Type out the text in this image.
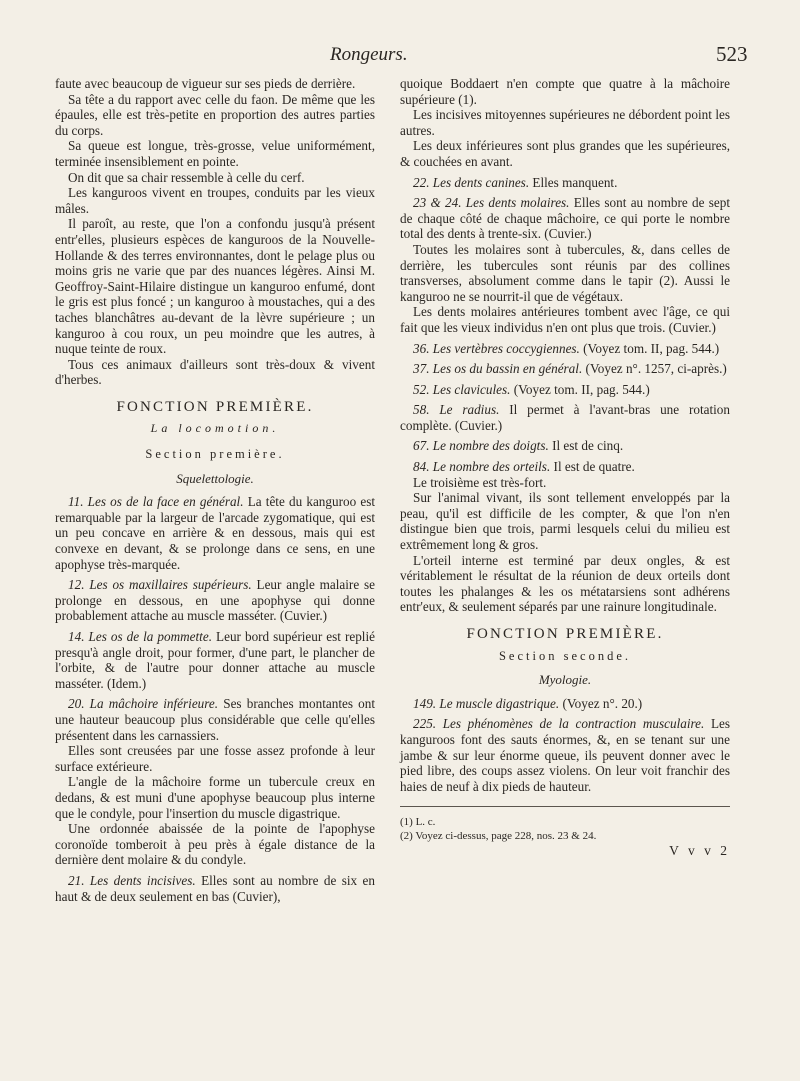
Rongeurs.	523

faute avec beaucoup de vigueur sur ses pieds de derrière.

Sa tête a du rapport avec celle du faon. De même que les épaules, elle est très-petite en proportion des autres parties du corps.

Sa queue est longue, très-grosse, velue uniformément, terminée insensiblement en pointe.

On dit que sa chair ressemble à celle du cerf.

Les kanguroos vivent en troupes, conduits par les vieux mâles.

Il paroît, au reste, que l'on a confondu jusqu'à présent entr'elles, plusieurs espèces de kanguroos de la Nouvelle-Hollande & des terres environnantes, dont le pelage plus ou moins gris ne varie que par des nuances légères. Ainsi M. Geoffroy-Saint-Hilaire distingue un kanguroo enfumé, dont le gris est plus foncé ; un kanguroo à moustaches, qui a des taches blanchâtres au-devant de la lèvre supérieure ; un kanguroo à cou roux, un peu moindre que les autres, à nuque teinte de roux.

Tous ces animaux d'ailleurs sont très-doux & vivent d'herbes.

FONCTION PREMIÈRE.

La locomotion.

Section première.

Squelettologie.

11. Les os de la face en général. La tête du kanguroo est remarquable par la largeur de l'arcade zygomatique, qui est un peu concave en arrière & en dessous, mais qui est convexe en devant, & se prolonge dans ce sens, en une apophyse très-marquée.

12. Les os maxillaires supérieurs. Leur angle malaire se prolonge en dessous, en une apophyse qui donne probablement attache au muscle masséter. (Cuvier.)

14. Les os de la pommette. Leur bord supérieur est replié presqu'à angle droit, pour former, d'une part, le plancher de l'orbite, & de l'autre pour donner attache au muscle masséter. (Idem.)

20. La mâchoire inférieure. Ses branches montantes ont une hauteur beaucoup plus considérable que celle qu'elles présentent dans les carnassiers.

Elles sont creusées par une fosse assez profonde à leur surface extérieure.

L'angle de la mâchoire forme un tubercule creux en dedans, & est muni d'une apophyse beaucoup plus interne que le condyle, pour l'insertion du muscle digastrique.

Une ordonnée abaissée de la pointe de l'apophyse coronoïde tomberoit à peu près à égale distance de la dernière dent molaire & du condyle.

21. Les dents incisives. Elles sont au nombre de six en haut & de deux seulement en bas (Cuvier),

quoique Boddaert n'en compte que quatre à la mâchoire supérieure (1).

Les incisives mitoyennes supérieures ne débordent point les autres.

Les deux inférieures sont plus grandes que les supérieures, & couchées en avant.

22. Les dents canines. Elles manquent.

23 & 24. Les dents molaires. Elles sont au nombre de sept de chaque côté de chaque mâchoire, ce qui porte le nombre total des dents à trente-six. (Cuvier.)

Toutes les molaires sont à tubercules, &, dans celles de derrière, les tubercules sont réunis par des collines transverses, absolument comme dans le tapir (2). Aussi le kanguroo ne se nourrit-il que de végétaux.

Les dents molaires antérieures tombent avec l'âge, ce qui fait que les vieux individus n'en ont plus que trois. (Cuvier.)

36. Les vertèbres coccygiennes. (Voyez tom. II, pag. 544.)

37. Les os du bassin en général. (Voyez n°. 1257, ci-après.)

52. Les clavicules. (Voyez tom. II, pag. 544.)

58. Le radius. Il permet à l'avant-bras une rotation complète. (Cuvier.)

67. Le nombre des doigts. Il est de cinq.

84. Le nombre des orteils. Il est de quatre.

Le troisième est très-fort.

Sur l'animal vivant, ils sont tellement enveloppés par la peau, qu'il est difficile de les compter, & que l'on n'en distingue bien que trois, parmi lesquels celui du milieu est extrêmement long & gros.

L'orteil interne est terminé par deux ongles, & est véritablement le résultat de la réunion de deux orteils dont toutes les phalanges & les os métatarsiens sont adhérens entr'eux, & seulement séparés par une rainure longitudinale.

FONCTION PREMIÈRE.

Section seconde.

Myologie.

149. Le muscle digastrique. (Voyez n°. 20.)

225. Les phénomènes de la contraction musculaire. Les kanguroos font des sauts énormes, &, en se tenant sur une jambe & sur leur énorme queue, ils peuvent donner avec le pied libre, des coups assez violens. On leur voit franchir des haies de neuf à dix pieds de hauteur.

(1) L. c.

(2) Voyez ci-dessus, page 228, nos. 23 & 24.

V v v 2
